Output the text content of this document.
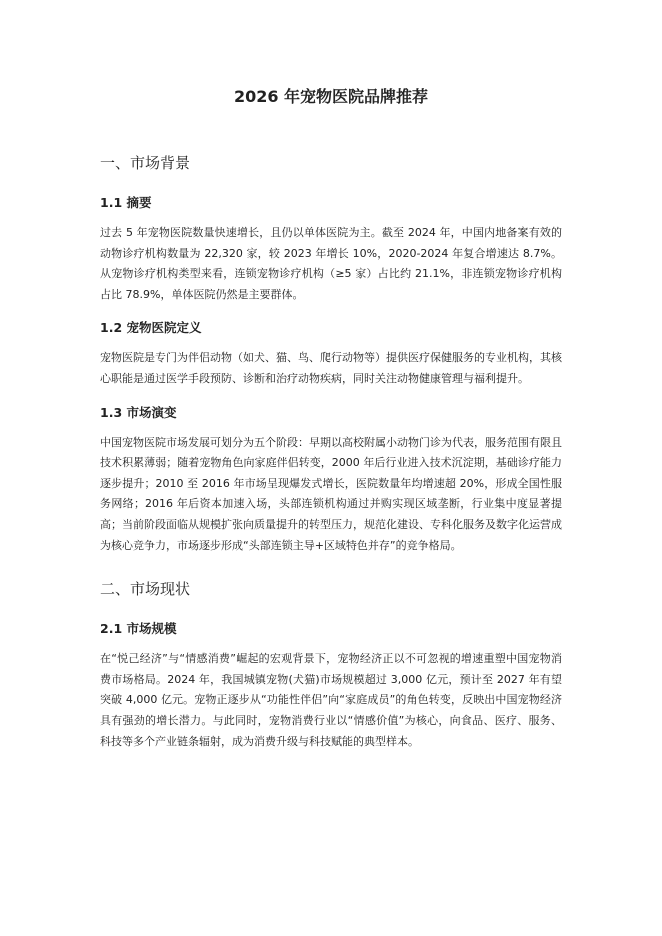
2026 年宠物医院品牌推荐
一、市场背景
1.1 摘要

过去 5 年宠物医院数量快速增长，且仍以单体医院为主。截至 2024 年，中国内地备案有效的动物诊疗机构数量为 22,320 家，较 2023 年增长 10%，2020-2024 年复合增速达 8.7%。从宠物诊疗机构类型来看，连锁宠物诊疗机构（≥5 家）占比约 21.1%，非连锁宠物诊疗机构占比 78.9%，单体医院仍然是主要群体。

1.2 宠物医院定义

宠物医院是专门为伴侣动物（如犬、猫、鸟、爬行动物等）提供医疗保健服务的专业机构，其核心职能是通过医学手段预防、诊断和治疗动物疾病，同时关注动物健康管理与福利提升。

1.3 市场演变

中国宠物医院市场发展可划分为五个阶段：早期以高校附属小动物门诊为代表，服务范围有限且技术积累薄弱；随着宠物角色向家庭伴侣转变，2000 年后行业进入技术沉淀期，基础诊疗能力逐步提升；2010 至 2016 年市场呈现爆发式增长，医院数量年均增速超 20%，形成全国性服务网络；2016 年后资本加速入场，头部连锁机构通过并购实现区域垄断，行业集中度显著提高；当前阶段面临从规模扩张向质量提升的转型压力，规范化建设、专科化服务及数字化运营成为核心竞争力，市场逐步形成“头部连锁主导+区域特色并存”的竞争格局。

二、市场现状
2.1 市场规模

在“悦己经济”与“情感消费”崛起的宏观背景下，宠物经济正以不可忽视的增速重塑中国宠物消费市场格局。2024 年，我国城镇宠物(犬猫)市场规模超过 3,000 亿元，预计至 2027 年有望突破 4,000 亿元。宠物正逐步从“功能性伴侣”向“家庭成员”的角色转变，反映出中国宠物经济具有强劲的增长潜力。与此同时，宠物消费行业以“情感价值”为核心，向食品、医疗、服务、科技等多个产业链条辐射，成为消费升级与科技赋能的典型样本。
